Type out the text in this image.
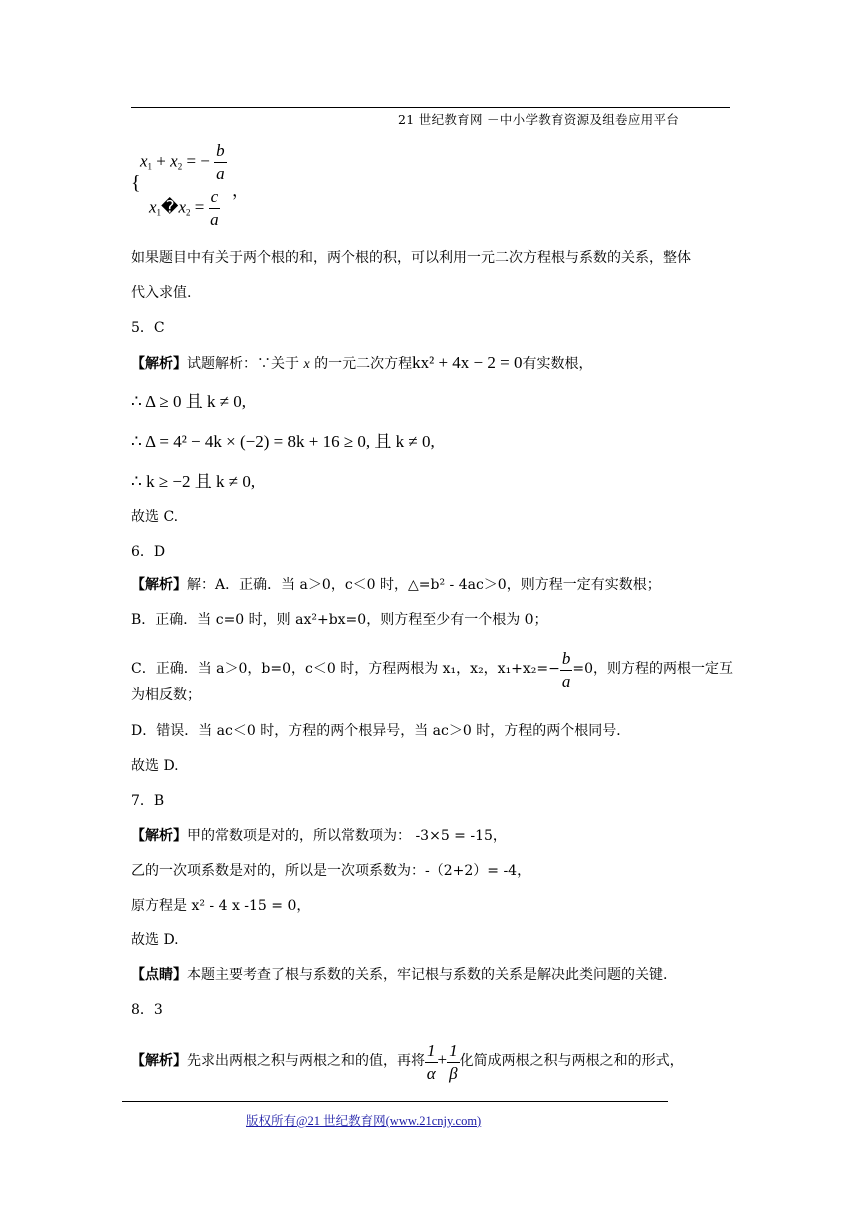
21 世纪教育网 －中小学教育资源及组卷应用平台
{
$x_1 + x_2$ = − $\frac{b}{a}$
，
$x_1�x_2 = \frac{c}{a}$
如果题目中有关于两个根的和，两个根的积，可以利用一元二次方程根与系数的关系，整体
代入求值.
5．C
【解析】试题解析：∵关于 x 的一元二次方程kx² + 4x − 2 = 0有实数根，
∴ Δ ≥ 0 且 k ≠ 0,
∴ Δ = 4² − 4k × (−2) = 8k + 16 ≥ 0, 且 k ≠ 0,
∴ k ≥ −2 且 k ≠ 0,
故选 C.
6．D
【解析】解：A．正确．当 a＞0，c＜0 时，△=b² - 4ac＞0，则方程一定有实数根；
B．正确．当 c=0 时，则 ax²+bx=0，则方程至少有一个根为 0；
C．正确．当 a＞0，b=0，c＜0 时，方程两根为 x₁，x₂，$x_1+x_2=- \frac{b}{a} =0$，则方程的两根一定互
为相反数；
D．错误．当 ac＜0 时，方程的两个根异号，当 ac＞0 时，方程的两个根同号．
故选 D.
7．B
【解析】甲的常数项是对的，所以常数项为： -3×5 = -15，
乙的一次项系数是对的，所以是一次项系数为：-（2+2）= -4，
原方程是 x² - 4 x -15 = 0，
故选 D.
【点睛】本题主要考查了根与系数的关系，牢记根与系数的关系是解决此类问题的关键.
8．3
【解析】先求出两根之积与两根之和的值，再将 $\frac{1}{\alpha} + \frac{1}{\beta}$ 化简成两根之积与两根之和的形式，
版权所有@21 世纪教育网(www.21cnjy.com)
